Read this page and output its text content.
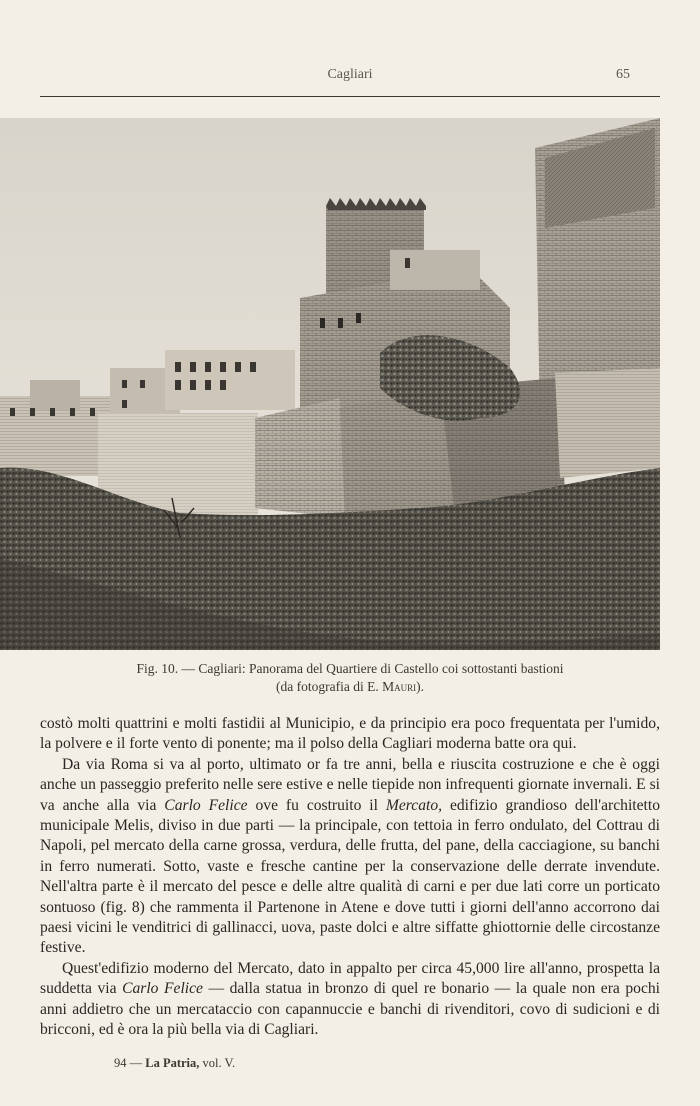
Cagliari	65
Fig. 10. — Cagliari: Panorama del Quartiere di Castello coi sottostanti bastioni
(da fotografia di E. Mauri).

costò molti quattrini e molti fastidii al Municipio, e da principio era poco frequentata per l'umido, la polvere e il forte vento di ponente; ma il polso della Cagliari moderna batte ora qui.

Da via Roma si va al porto, ultimato or fa tre anni, bella e riuscita costruzione e che è oggi anche un passeggio preferito nelle sere estive e nelle tiepide non infrequenti giornate invernali. E si va anche alla via Carlo Felice ove fu costruito il Mercato, edifizio grandioso dell'architetto municipale Melis, diviso in due parti — la principale, con tettoia in ferro ondulato, del Cottrau di Napoli, pel mercato della carne grossa, verdura, delle frutta, del pane, della cacciagione, su banchi in ferro numerati. Sotto, vaste e fresche cantine per la conservazione delle derrate invendute. Nell'altra parte è il mercato del pesce e delle altre qualità di carni e per due lati corre un porticato sontuoso (fig. 8) che rammenta il Partenone in Atene e dove tutti i giorni dell'anno accorrono dai paesi vicini le venditrici di gallinacci, uova, paste dolci e altre siffatte ghiottornie delle circostanze festive.

Quest'edifizio moderno del Mercato, dato in appalto per circa 45,000 lire all'anno, prospetta la suddetta via Carlo Felice — dalla statua in bronzo di quel re bonario — la quale non era pochi anni addietro che un mercataccio con capannuccie e banchi di rivenditori, covo di sudicioni e di bricconi, ed è ora la più bella via di Cagliari.

94 — La Patria, vol. V.
